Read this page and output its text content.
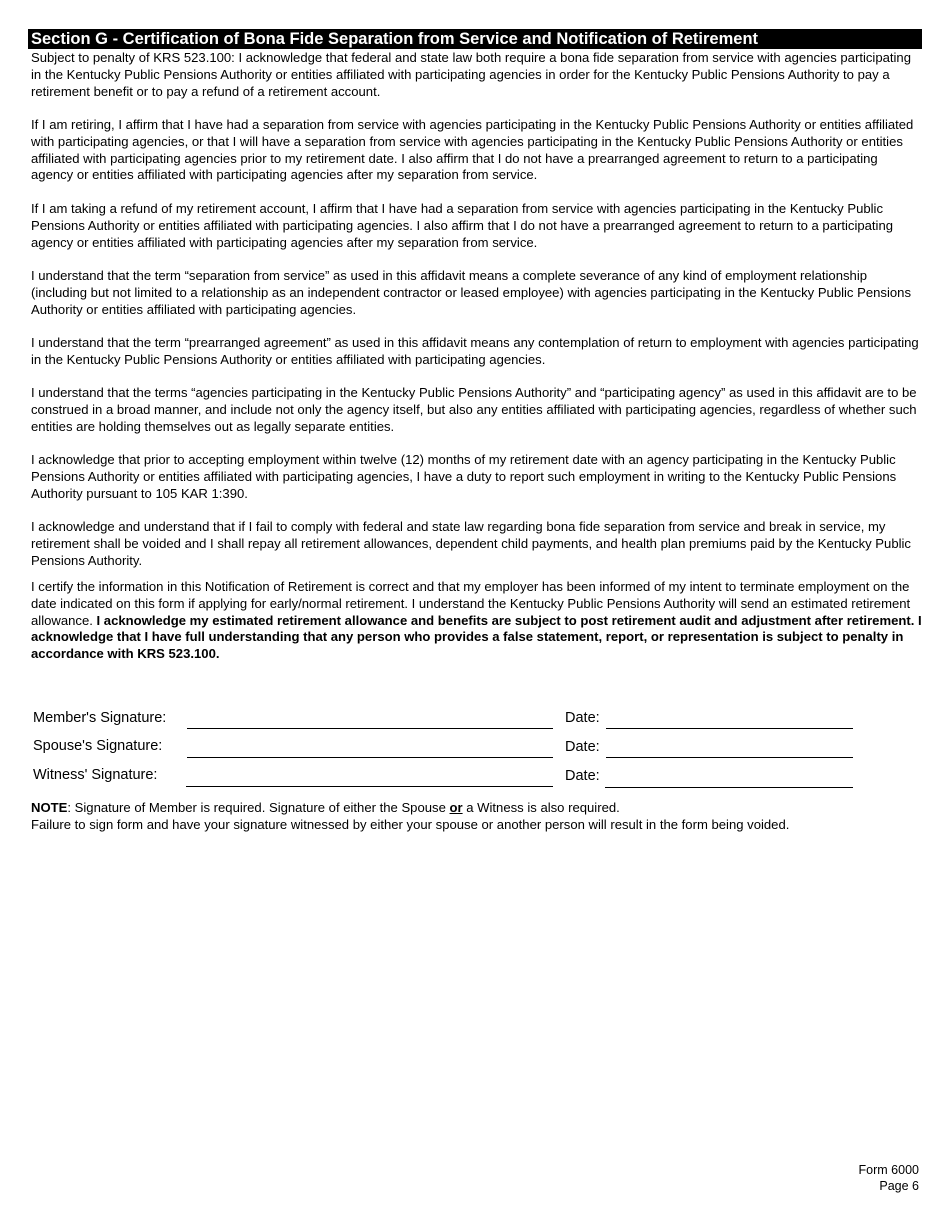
Section G - Certification of Bona Fide Separation from Service and Notification of Retirement

Subject to penalty of KRS 523.100: I acknowledge that federal and state law both require a bona fide separation from service with agencies participating in the Kentucky Public Pensions Authority or entities affiliated with participating agencies in order for the Kentucky Public Pensions Authority to pay a retirement benefit or to pay a refund of a retirement account.

If I am retiring, I affirm that I have had a separation from service with agencies participating in the Kentucky Public Pensions Authority or entities affiliated with participating agencies, or that I will have a separation from service with agencies participating in the Kentucky Public Pensions Authority or entities affiliated with participating agencies prior to my retirement date. I also affirm that I do not have a prearranged agreement to return to a participating agency or entities affiliated with participating agencies after my separation from service.

If I am taking a refund of my retirement account, I affirm that I have had a separation from service with agencies participating in the Kentucky Public Pensions Authority or entities affiliated with participating agencies. I also affirm that I do not have a prearranged agreement to return to a participating agency or entities affiliated with participating agencies after my separation from service.

I understand that the term “separation from service” as used in this affidavit means a complete severance of any kind of employment relationship (including but not limited to a relationship as an independent contractor or leased employee) with agencies participating in the Kentucky Public Pensions Authority or entities affiliated with participating agencies.

I understand that the term “prearranged agreement” as used in this affidavit means any contemplation of return to employment with agencies participating in the Kentucky Public Pensions Authority or entities affiliated with participating agencies.

I understand that the terms “agencies participating in the Kentucky Public Pensions Authority” and “participating agency” as used in this affidavit are to be construed in a broad manner, and include not only the agency itself, but also any entities affiliated with participating agencies, regardless of whether such entities are holding themselves out as legally separate entities.

I acknowledge that prior to accepting employment within twelve (12) months of my retirement date with an agency participating in the Kentucky Public Pensions Authority or entities affiliated with participating agencies, I have a duty to report such employment in writing to the Kentucky Public Pensions Authority pursuant to 105 KAR 1:390.

I acknowledge and understand that if I fail to comply with federal and state law regarding bona fide separation from service and break in service, my retirement shall be voided and I shall repay all retirement allowances, dependent child payments, and health plan premiums paid by the Kentucky Public Pensions Authority.

I certify the information in this Notification of Retirement is correct and that my employer has been informed of my intent to terminate employment on the date indicated on this form if applying for early/normal retirement. I understand the Kentucky Public Pensions Authority will send an estimated retirement allowance. I acknowledge my estimated retirement allowance and benefits are subject to post retirement audit and adjustment after retirement. I acknowledge that I have full understanding that any person who provides a false statement, report, or representation is subject to penalty in accordance with KRS 523.100.

Member's Signature:	Date:
Spouse's Signature:	Date:
Witness' Signature:	Date:
NOTE: Signature of Member is required. Signature of either the Spouse or a Witness is also required.
Failure to sign form and have your signature witnessed by either your spouse or another person will result in the form being voided.
Form 6000
Page 6
